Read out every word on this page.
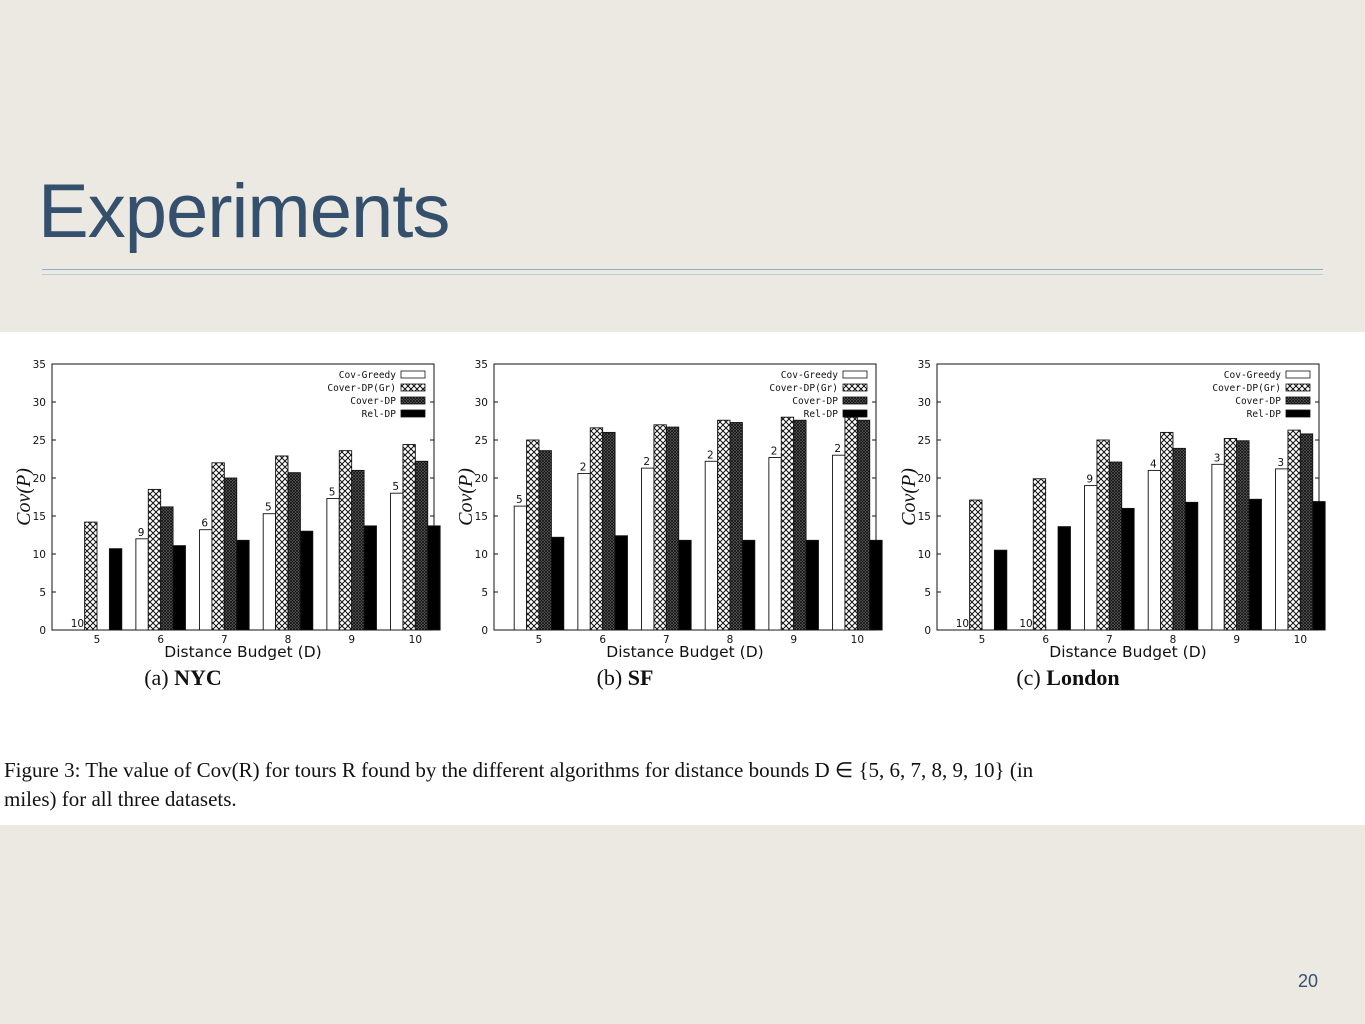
Experiments
0
5
10
15
20
25
30
35
5
10
6
9
7
6
8
5
9
5
10
5
Cov-Greedy
Cover-DP(Gr)
Cover-DP
Rel-DP
Distance Budget (D)
Cov(P)
(a) NYC
0
5
10
15
20
25
30
35
5
5
6
2
7
2
8
2
9
2
10
2
Cov-Greedy
Cover-DP(Gr)
Cover-DP
Rel-DP
Distance Budget (D)
Cov(P)
(b) SF
0
5
10
15
20
25
30
35
5
10
6
10
7
9
8
4
9
3
10
3
Cov-Greedy
Cover-DP(Gr)
Cover-DP
Rel-DP
Distance Budget (D)
Cov(P)
(c) London
Figure 3: The value of Cov(R) for tours R found by the different algorithms for distance bounds D ∈ {5, 6, 7, 8, 9, 10} (in
miles) for all three datasets.
20
